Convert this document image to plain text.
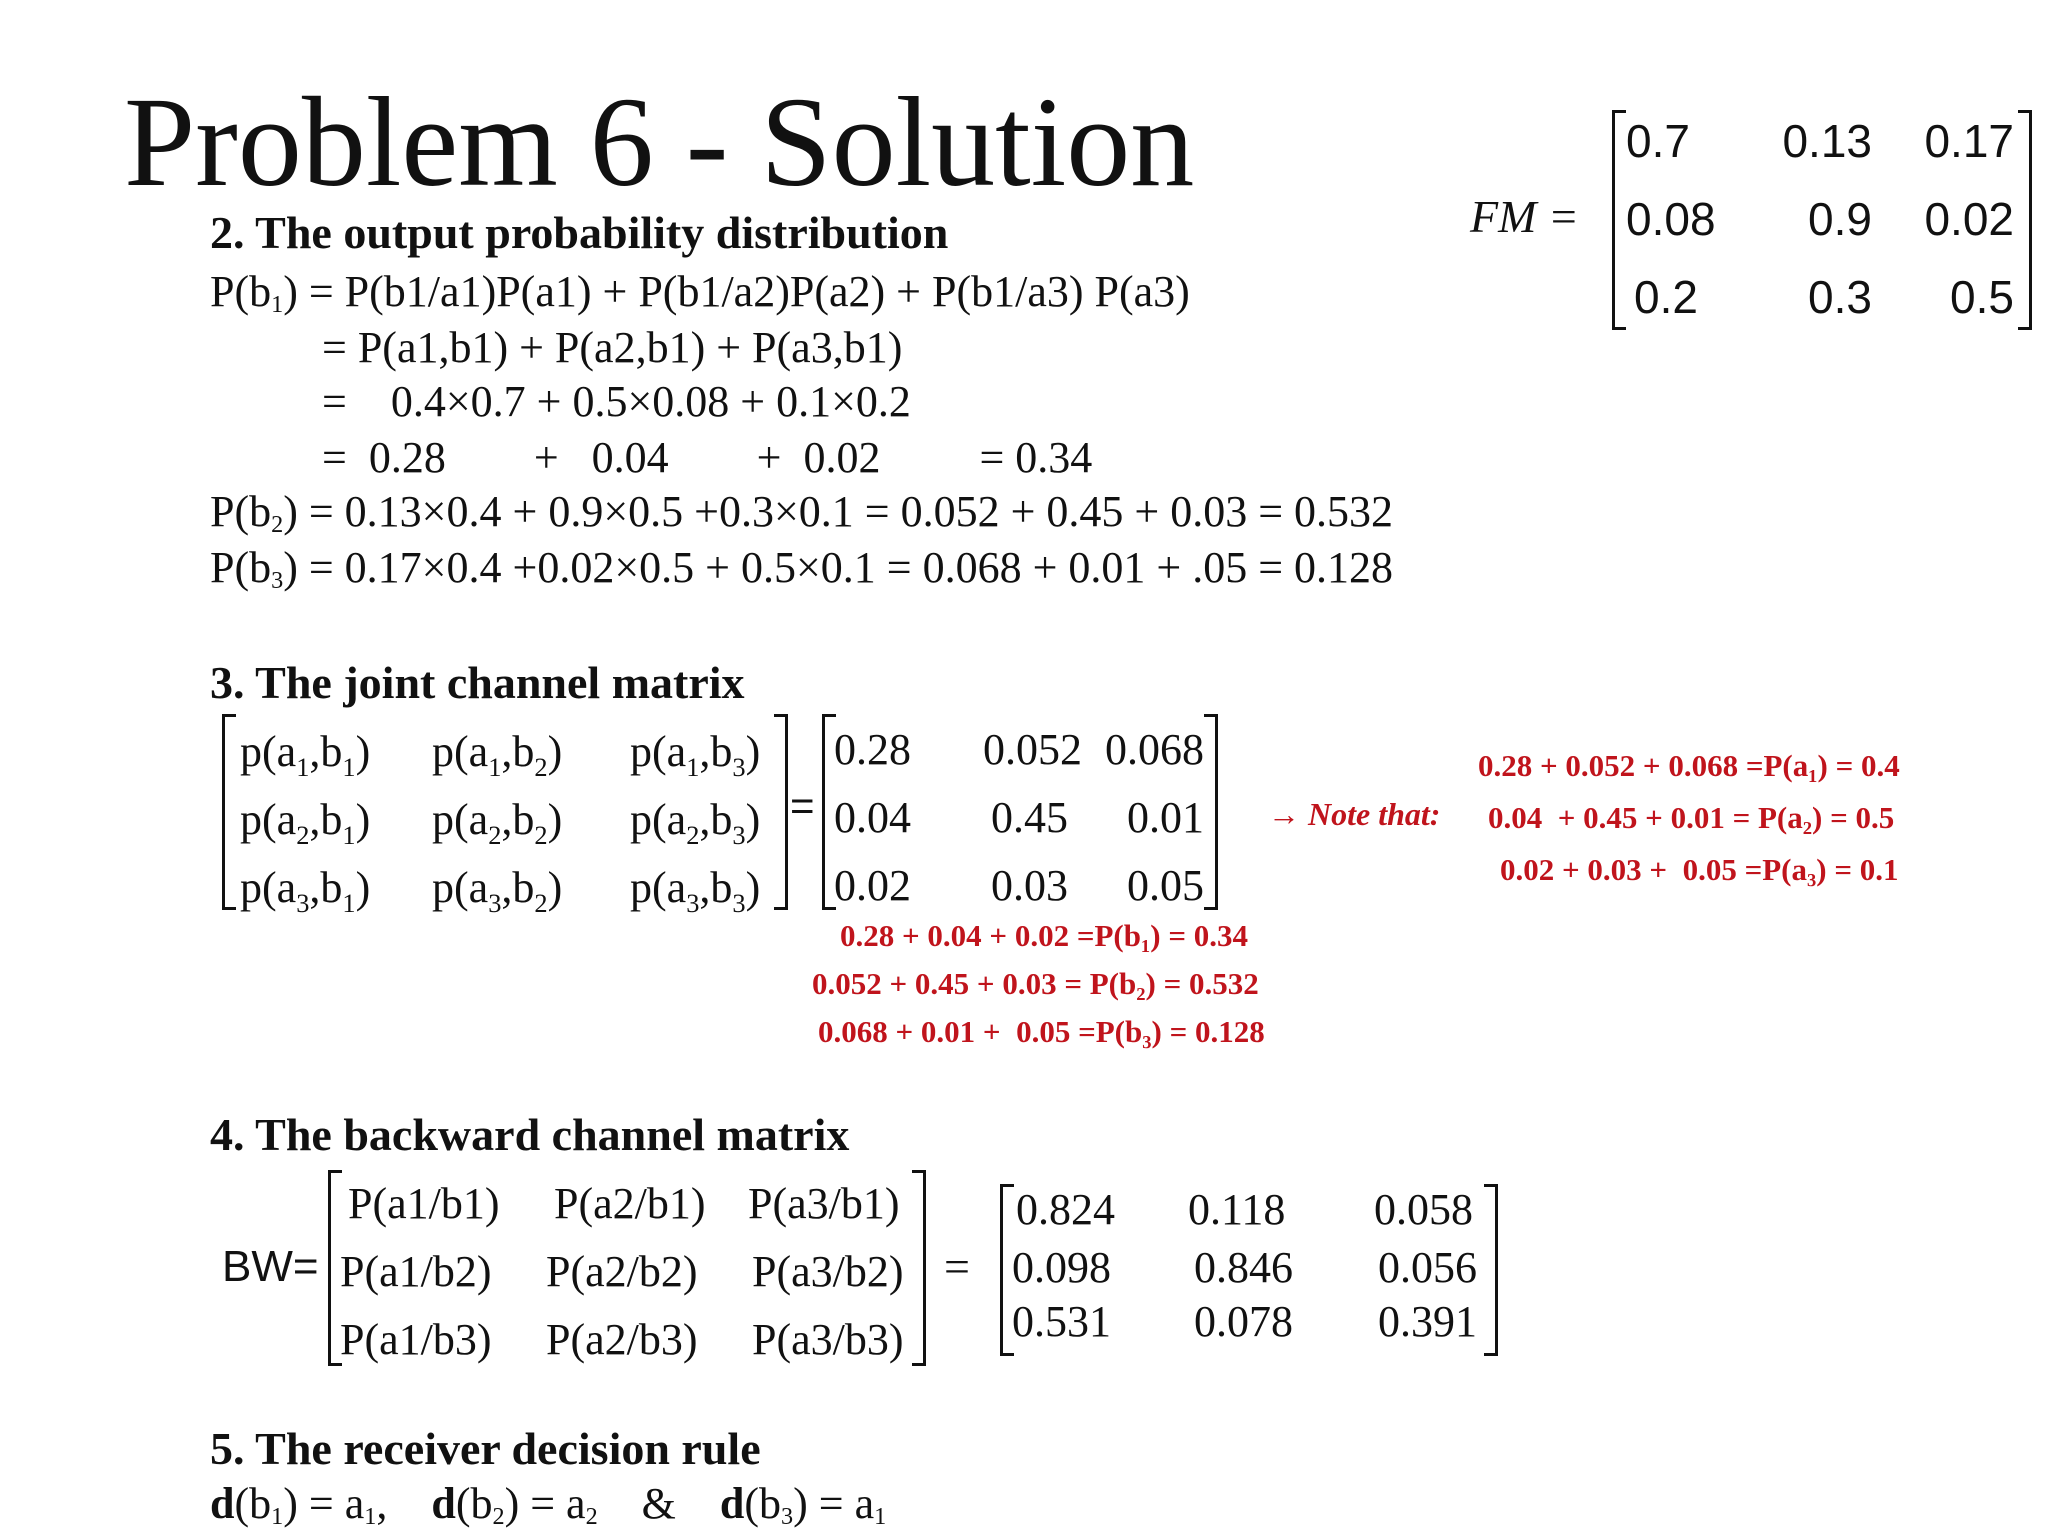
Problem 6 - Solution
FM =
0.7	0.13	0.17
0.08	0.9	0.02
0.2	0.3	0.5
2. The output probability distribution
$P(b_1) = P(b1/a1)P(a1) + P(b1/a2)P(a2) + P(b1/a3)$ P(a3)
= P(a1,b1) + P(a2,b1) + P(a3,b1)
=    0.4×0.7 + 0.5×0.08 + 0.1×0.2
=  0.28        +   0.04        +  0.02         = 0.34
$P(b_2) = 0.13\times 0.4 + 0.9\times 0.5 +0.3\times 0.1 = 0.052 + 0.45 + 0.03 = 0.532$
$P(b_3) = 0.17\times 0.4 +0.02\times 0.5 + 0.5\times 0.1 = 0.068 + 0.01 + .05 = 0.128$
3. The joint channel matrix
$p(a_1,b_1)$ $p(a_1,b_2)$ $p(a_1,b_3)$
$p(a_2,b_1)$ $p(a_2,b_2)$ $p(a_2,b_3)$
$p(a_3,b_1)$ $p(a_3,b_2)$ $p(a_3,b_3)$
=
0.28	0.052 0.068
0.04	0.45	0.01
0.02	0.03	0.05
0.28 + 0.04 + 0.02 =P(b₁) = 0.34
0.052 + 0.45 + 0.03 = P(b₂) = 0.532
0.068 + 0.01 +  0.05 =P(b₃) = 0.128
→ Note that:
0.28 + 0.052 + 0.068 =P(a₁) = 0.4
0.04  + 0.45 + 0.01 = P(a₂) = 0.5
0.02 + 0.03 +  0.05 =P(a₃) = 0.1
4. The backward channel matrix
BW=
P(a1/b1) P(a2/b1) P(a3/b1)
P(a1/b2) P(a2/b2) P(a3/b2)
P(a1/b3) P(a2/b3) P(a3/b3)
=
0.824 0.118 0.058
0.098 0.846 0.056
0.531 0.078 0.391
5. The receiver decision rule
$d(b_1) = a_1$, $d(b_2) = a_2$ & $d(b_3) = a_1$
